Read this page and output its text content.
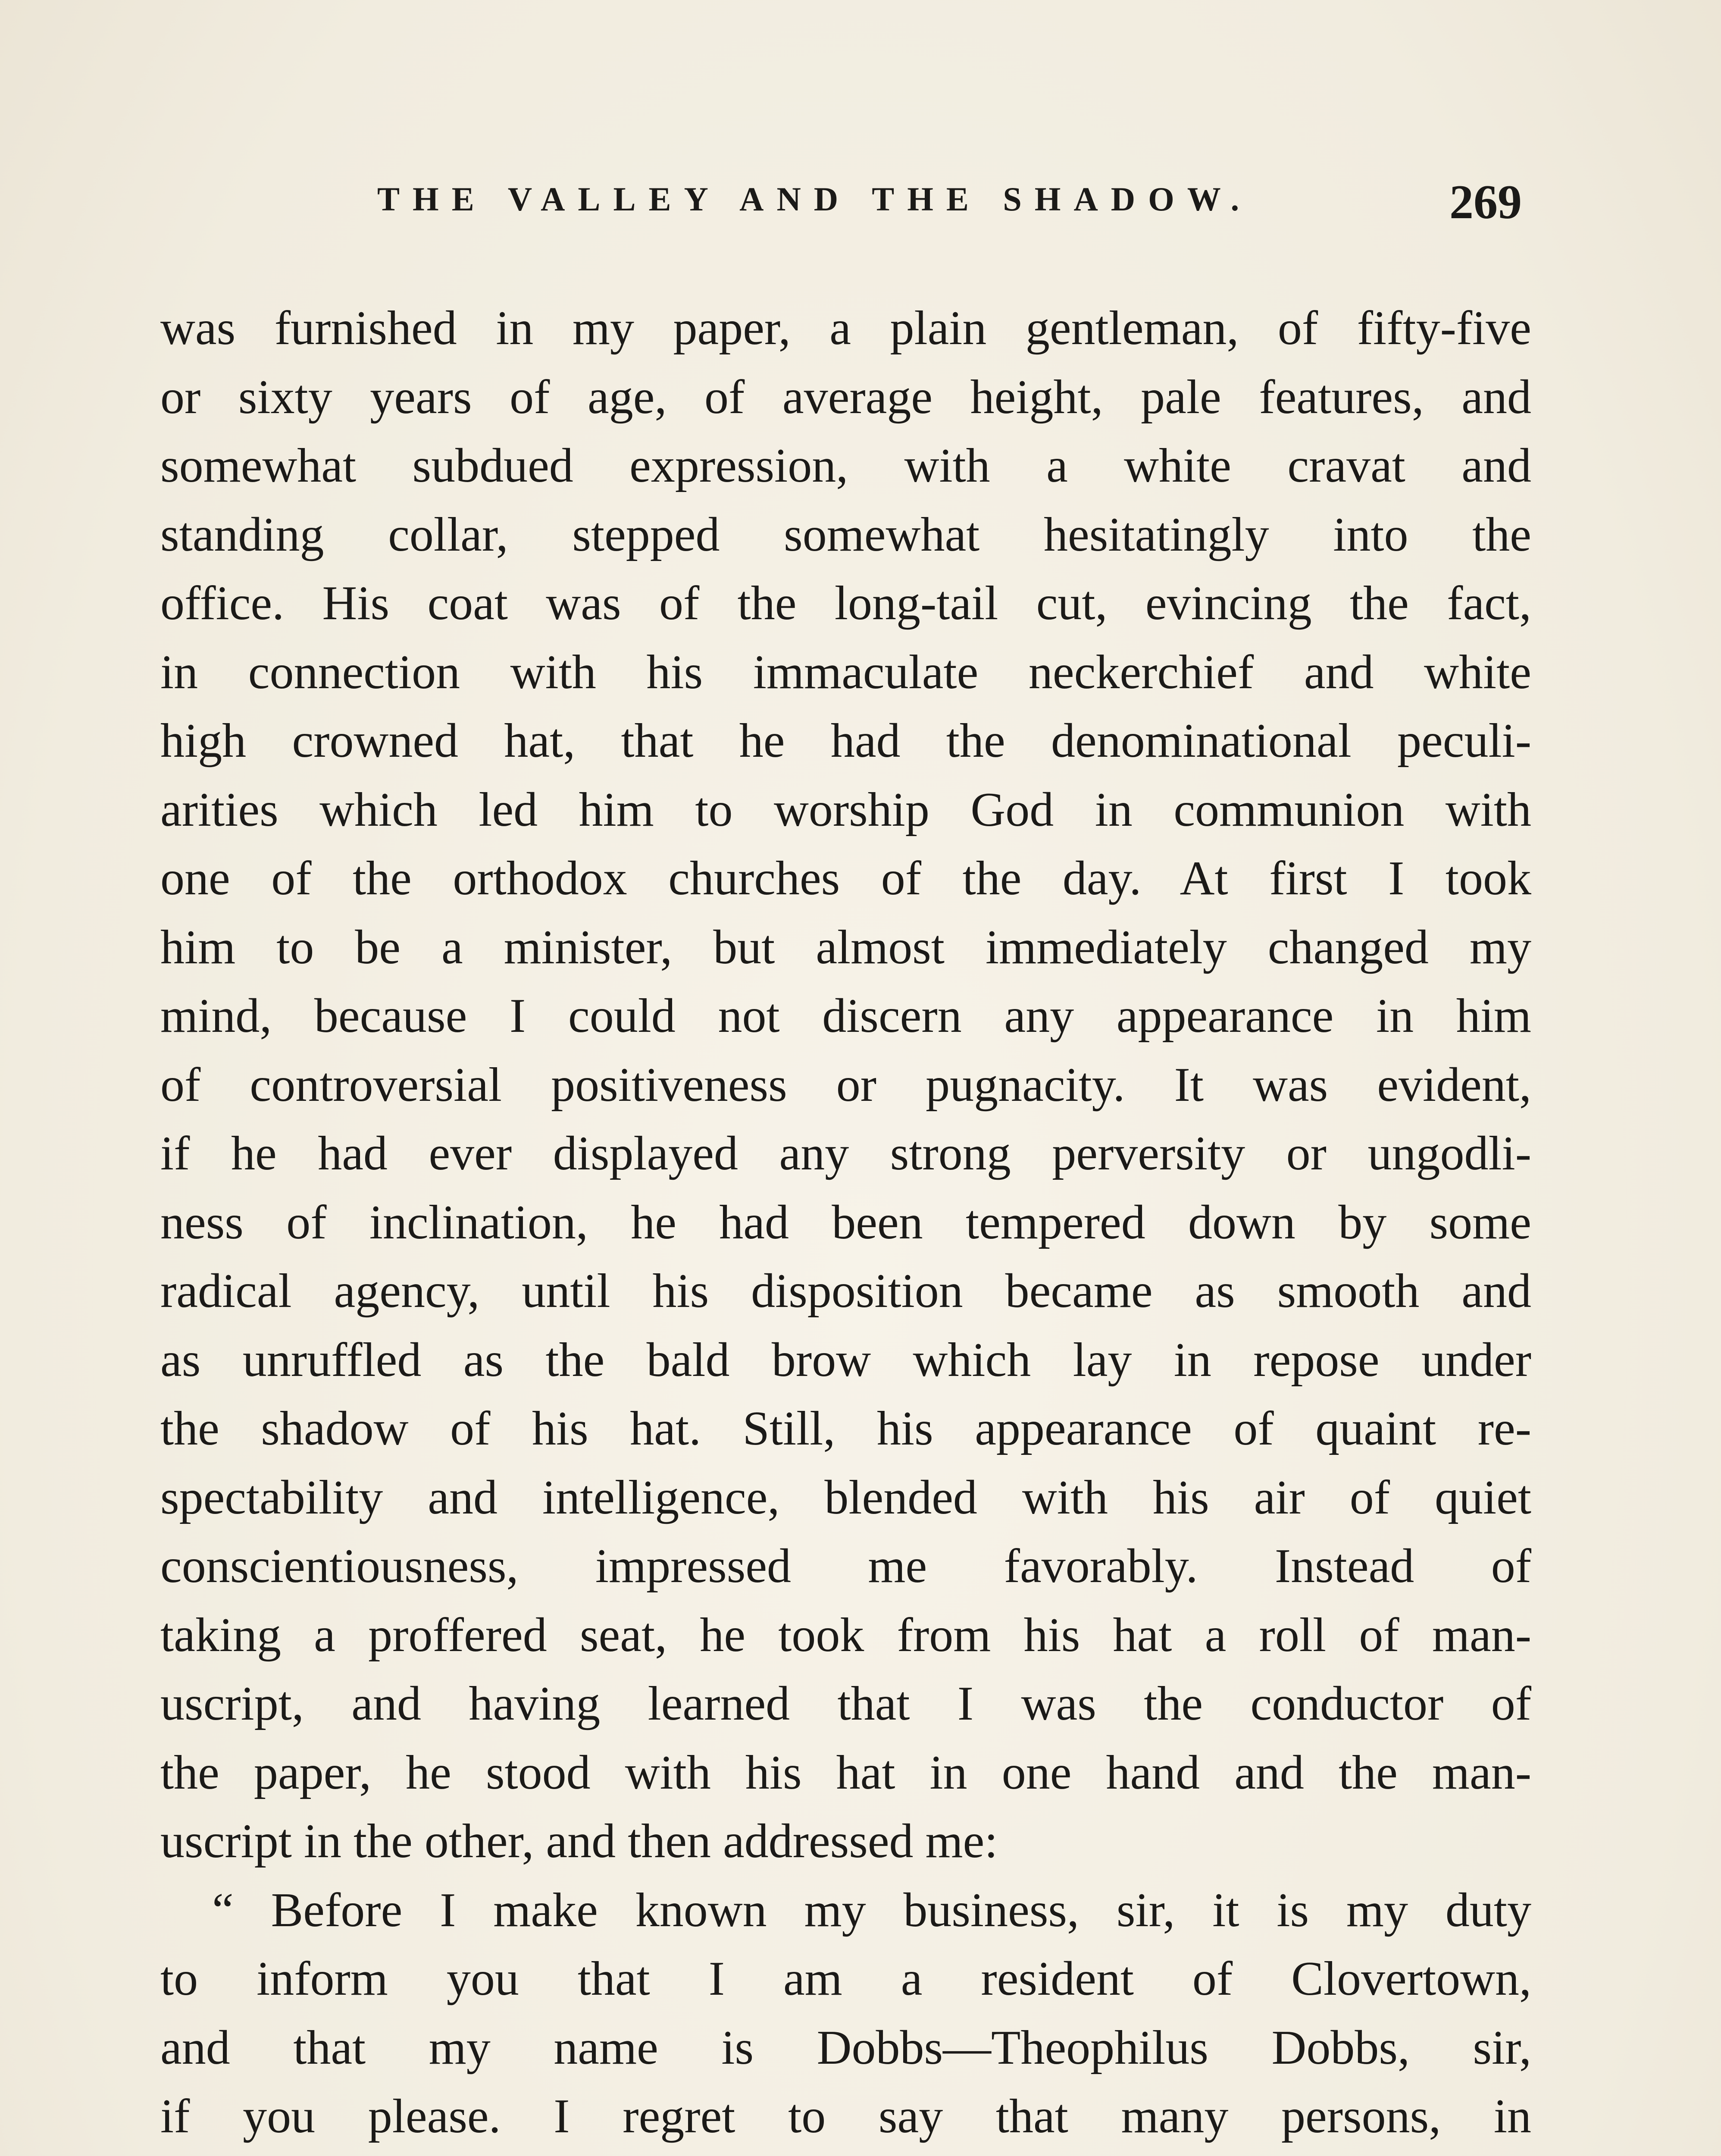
THE VALLEY AND THE SHADOW.	269
was furnished in my paper, a plain gentleman, of fifty-five
or sixty years of age, of average height, pale features, and
somewhat subdued expression, with a white cravat and
standing collar, stepped somewhat hesitatingly into the
office. His coat was of the long-tail cut, evincing the fact,
in connection with his immaculate neckerchief and white
high crowned hat, that he had the denominational peculi-
arities which led him to worship God in communion with
one of the orthodox churches of the day. At first I took
him to be a minister, but almost immediately changed my
mind, because I could not discern any appearance in him
of controversial positiveness or pugnacity. It was evident,
if he had ever displayed any strong perversity or ungodli-
ness of inclination, he had been tempered down by some
radical agency, until his disposition became as smooth and
as unruffled as the bald brow which lay in repose under
the shadow of his hat. Still, his appearance of quaint re-
spectability and intelligence, blended with his air of quiet
conscientiousness, impressed me favorably. Instead of
taking a proffered seat, he took from his hat a roll of man-
uscript, and having learned that I was the conductor of
the paper, he stood with his hat in one hand and the man-
uscript in the other, and then addressed me:
“ Before I make known my business, sir, it is my duty
to inform you that I am a resident of Clovertown,
and that my name is Dobbs—Theophilus Dobbs, sir,
if you please. I regret to say that many persons, in
